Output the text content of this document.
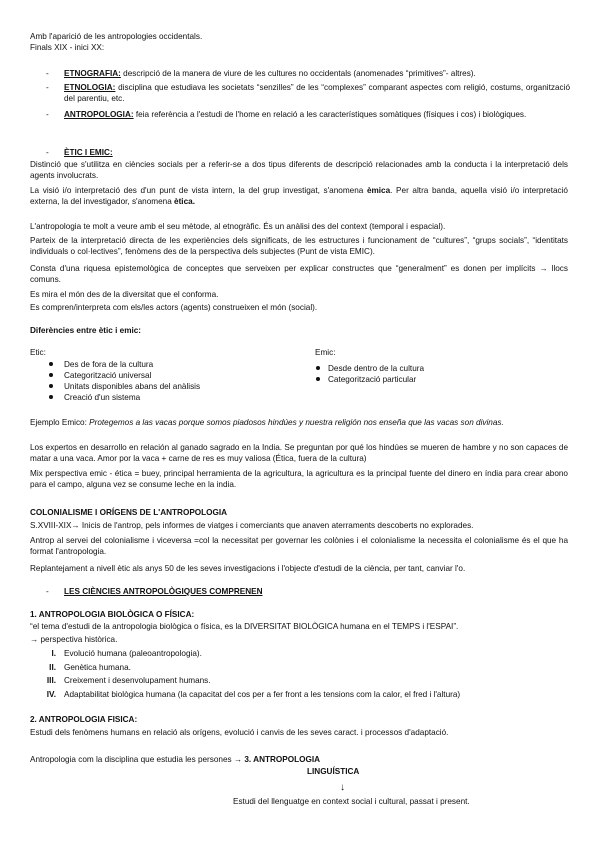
Amb l'aparició de les antropologies occidentals.
Finals XIX - inici XX:
- ETNOGRAFIA: descripció de la manera de viure de les cultures no occidentals (anomenades “primitives”- altres).
- ETNOLOGIA: disciplina que estudiava les societats “senzilles” de les “complexes” comparant aspectes com religió, costums, organització del parentiu, etc.
- ANTROPOLOGIA: feia referència a l'estudi de l'home en relació a les característiques somàtiques (físiques i cos) i biològiques.
- ÈTIC I EMIC:
Distinció que s'utilitza en ciències socials per a referir-se a dos tipus diferents de descripció relacionades amb la conducta i la interpretació dels agents involucrats.
La visió i/o interpretació des d'un punt de vista intern, la del grup investigat, s'anomena èmica. Per altra banda, aquella visió i/o interpretació externa, la del investigador, s'anomena ètica.
L'antropologia te molt a veure amb el seu mètode, al etnogràfic. És un anàlisi des del context (temporal i espacial).
Parteix de la interpretació directa de les experiències dels significats, de les estructures i funcionament de “cultures”, “grups socials”, “identitats individuals o col·lectives”, fenòmens des de la perspectiva dels subjectes (Punt de vista EMIC).
Consta d'una riquesa epistemològica de conceptes que serveixen per explicar constructes que “generalment” es donen per implícits → llocs comuns.
Es mira el món des de la diversitat que el conforma.
Es compren/interpreta com els/les actors (agents) construeixen el món (social).
Diferències entre ètic i emic:
Etic:	Emic:
Des de fora de la cultura
Categorització universal
Unitats disponibles abans del anàlisis
Creació d'un sistema
Desde dentro de la cultura
Categorització particular
Ejemplo Emico: Protegemos a las vacas porque somos piadosos hindúes y nuestra religión nos enseña que las vacas son divinas.
Los expertos en desarrollo en relación al ganado sagrado en la India. Se preguntan por qué los hindúes se mueren de hambre y no son capaces de matar a una vaca. Amor por la vaca + carne de res es muy valiosa (Ética, fuera de la cultura)
Mix perspectiva emic - ética = buey, principal herramienta de la agricultura, la agricultura es la principal fuente del dinero en índia para crear abono para el campo, alguna vez se consume leche en la india.
COLONIALISME I ORÍGENS DE L'ANTROPOLOGIA
S.XVIII-XIX→ Inicis de l'antrop, pels informes de viatges i comerciants que anaven aterraments descoberts no explorades.
Antrop al servei del colonialisme i viceversa =col la necessitat per governar les colònies i el colonialisme la necessita el colonialisme és el que ha format l'antropologia.
Replantejament a nivell ètic als anys 50 de les seves investigacions i l'objecte d'estudi de la ciència, per tant, canviar l'o.
- LES CIÈNCIES ANTROPOLÒGIQUES COMPRENEN
1. ANTROPOLOGIA BIOLÒGICA O FÍSICA:
“el tema d'estudi de la antropologia biològica o física, es la DIVERSITAT BIOLÒGICA humana en el TEMPS i l'ESPAI”.
→ perspectiva històrica.
I. Evolució humana (paleoantropologia).
II. Genètica humana.
III. Creixement i desenvolupament humans.
IV. Adaptabilitat biològica humana (la capacitat del cos per a fer front a les tensions com la calor, el fred i l'altura)
2. ANTROPOLOGIA FISICA:
Estudi dels fenòmens humans en relació als orígens, evolució i canvis de les seves caract. i processos d'adaptació.
Antropologia com la disciplina que estudia les persones → 3. ANTROPOLOGIA
LINGUÍSTICA
↓
Estudi del llenguatge en context social i cultural, passat i present.
